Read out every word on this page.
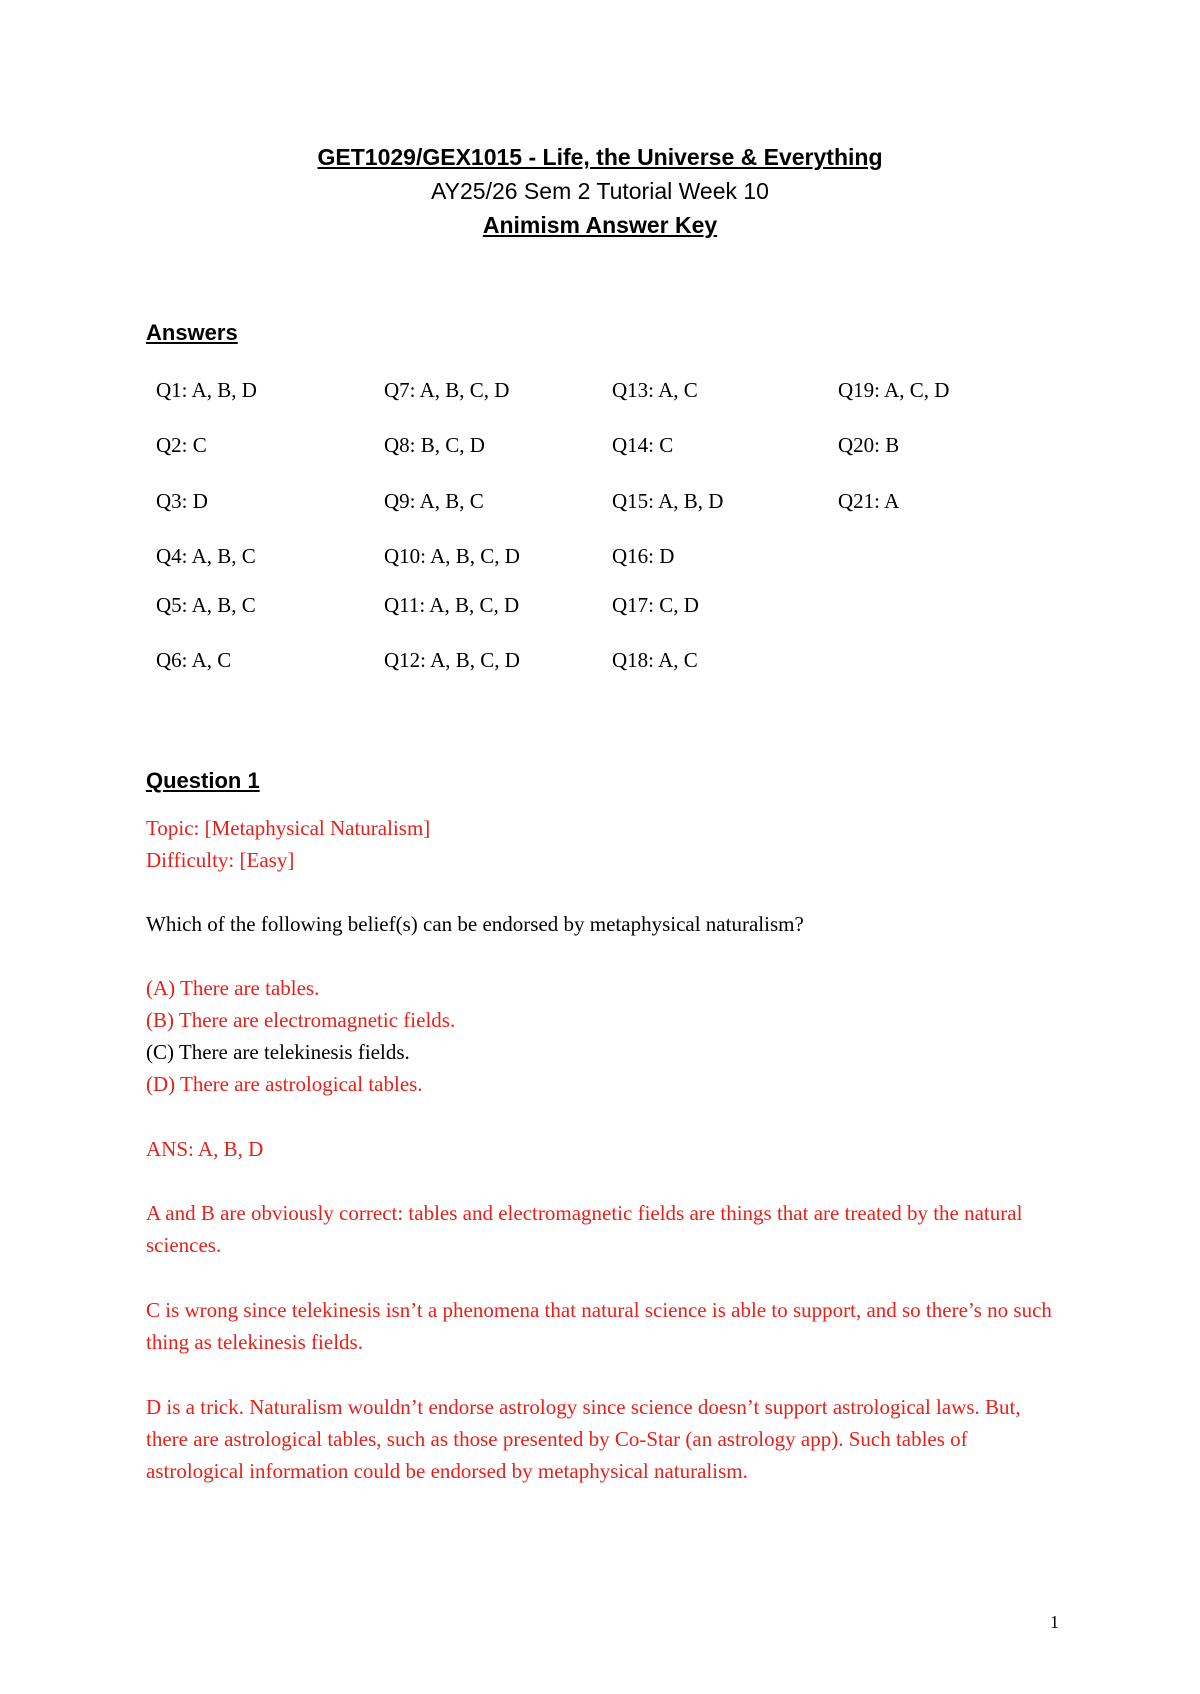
GET1029/GEX1015 - Life, the Universe & Everything
AY25/26 Sem 2 Tutorial Week 10
Animism Answer Key
Answers
Q1: A, B, D
Q2: C
Q3: D
Q4: A, B, C
Q5: A, B, C
Q6: A, C
Q7: A, B, C, D
Q8: B, C, D
Q9: A, B, C
Q10: A, B, C, D
Q11: A, B, C, D
Q12: A, B, C, D
Q13: A, C
Q14: C
Q15: A, B, D
Q16: D
Q17: C, D
Q18: A, C
Q19: A, C, D
Q20: B
Q21: A
Question 1
Topic: [Metaphysical Naturalism]
Difficulty: [Easy]
Which of the following belief(s) can be endorsed by metaphysical naturalism?
(A) There are tables.
(B) There are electromagnetic fields.
(C) There are telekinesis fields.
(D) There are astrological tables.
ANS: A, B, D
A and B are obviously correct: tables and electromagnetic fields are things that are treated by the natural sciences.
C is wrong since telekinesis isn’t a phenomena that natural science is able to support, and so there’s no such thing as telekinesis fields.
D is a trick. Naturalism wouldn’t endorse astrology since science doesn’t support astrological laws. But, there are astrological tables, such as those presented by Co-Star (an astrology app). Such tables of astrological information could be endorsed by metaphysical naturalism.
1
